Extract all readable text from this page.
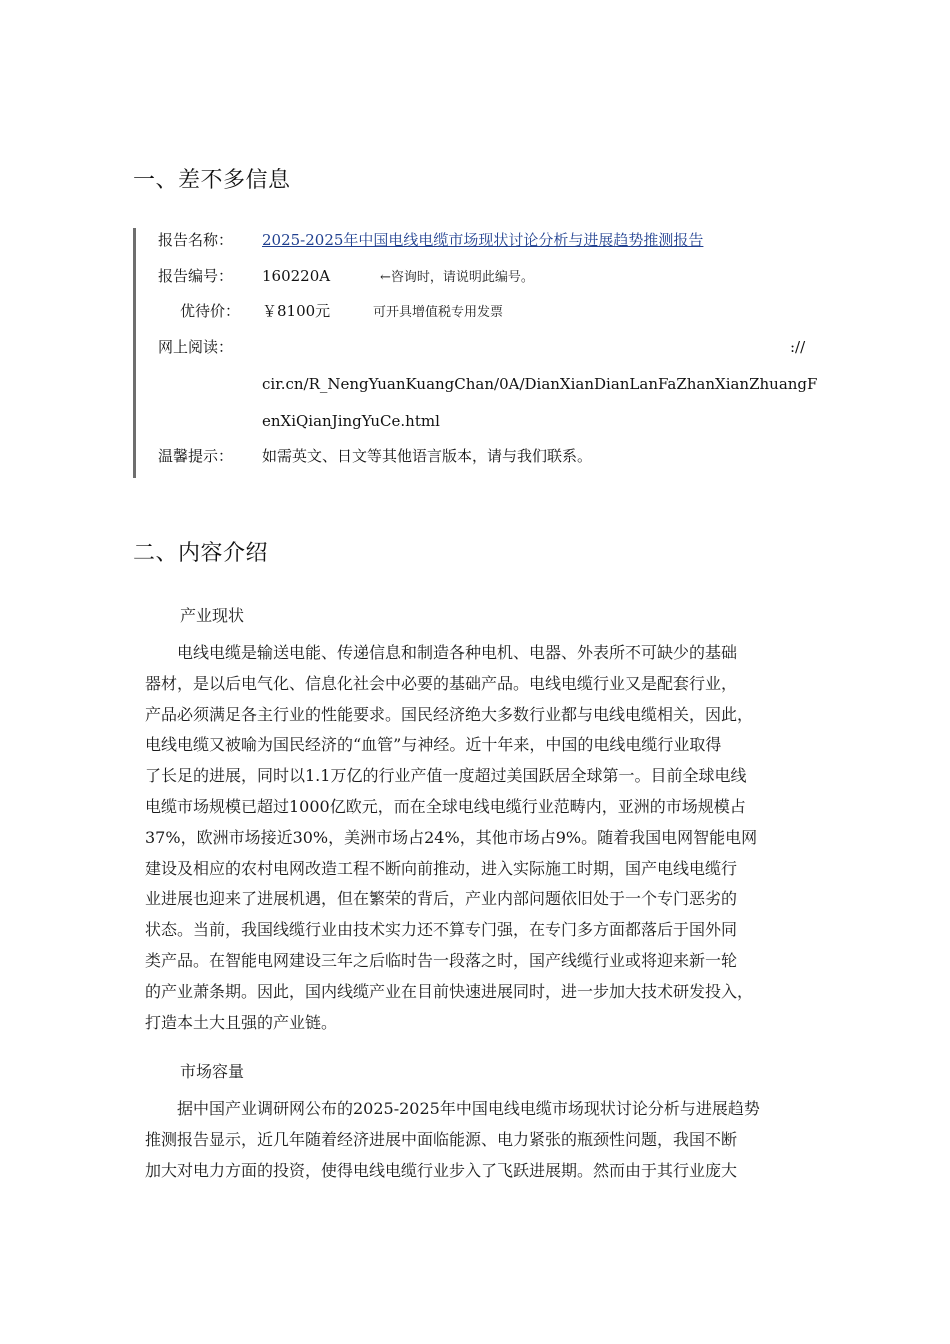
一、差不多信息
报告名称：	2025-2025年中国电线电缆市场现状讨论分析与进展趋势推测报告
报告编号：	160220A	←咨询时，请说明此编号。
优待价： ￥8100元	可开具增值税专用发票
网上阅读：	://
cir.cn/R_NengYuanKuangChan/0A/DianXianDianLanFaZhanXianZhuangF
enXiQianJingYuCe.html
温馨提示：	如需英文、日文等其他语言版本，请与我们联系。
二、内容介绍
产业现状
　　电线电缆是输送电能、传递信息和制造各种电机、电器、外表所不可缺少的基础
器材，是以后电气化、信息化社会中必要的基础产品。电线电缆行业又是配套行业，
产品必须满足各主行业的性能要求。国民经济绝大多数行业都与电线电缆相关，因此，
电线电缆又被喻为国民经济的“血管”与神经。近十年来，中国的电线电缆行业取得
了长足的进展，同时以1.1万亿的行业产值一度超过美国跃居全球第一。目前全球电线
电缆市场规模已超过1000亿欧元，而在全球电线电缆行业范畴内，亚洲的市场规模占
37%，欧洲市场接近30%，美洲市场占24%，其他市场占9%。随着我国电网智能电网
建设及相应的农村电网改造工程不断向前推动，进入实际施工时期，国产电线电缆行
业进展也迎来了进展机遇，但在繁荣的背后，产业内部问题依旧处于一个专门恶劣的
状态。当前，我国线缆行业由技术实力还不算专门强，在专门多方面都落后于国外同
类产品。在智能电网建设三年之后临时告一段落之时，国产线缆行业或将迎来新一轮
的产业萧条期。因此，国内线缆产业在目前快速进展同时，进一步加大技术研发投入，
打造本土大且强的产业链。
市场容量
　　据中国产业调研网公布的2025-2025年中国电线电缆市场现状讨论分析与进展趋势
推测报告显示，近几年随着经济进展中面临能源、电力紧张的瓶颈性问题，我国不断
加大对电力方面的投资，使得电线电缆行业步入了飞跃进展期。然而由于其行业庞大
